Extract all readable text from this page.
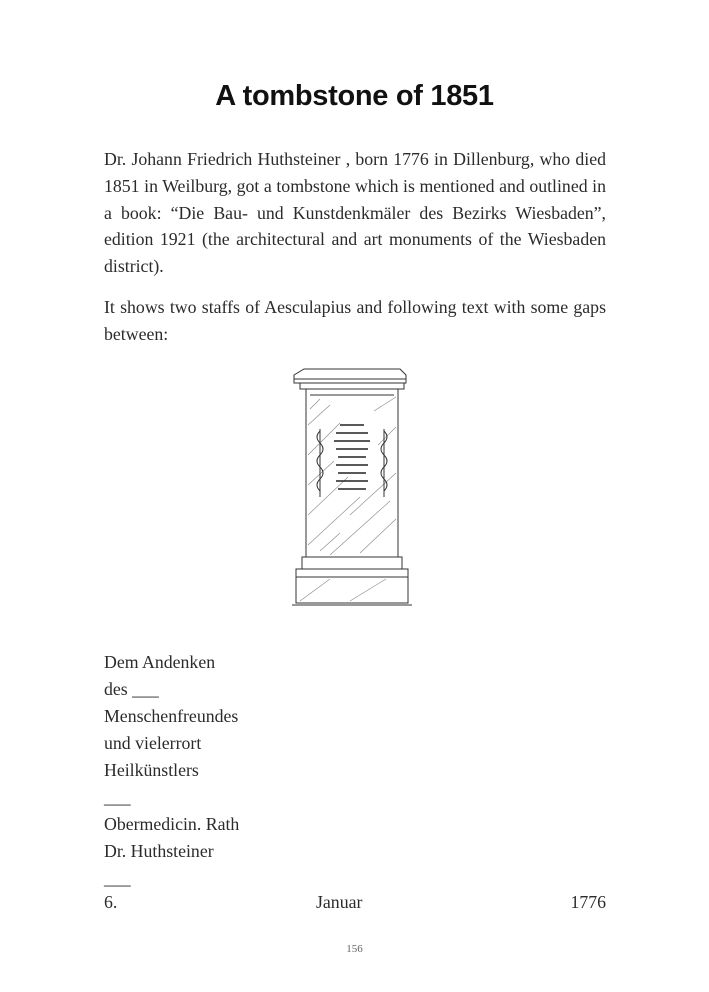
A tombstone of 1851

Dr. Johann Friedrich Huthsteiner , born 1776 in Dillenburg, who died 1851 in Weilburg, got a tombstone which is mentioned and outlined in a book: “Die Bau- und Kunstdenkmäler des Bezirks Wiesbaden”, edition 1921 (the architectural and art monuments of the Wiesbaden district).

It shows two staffs of Aesculapius and following text with some gaps between:

Dem Andenken
des ___
Menschenfreundes
und vielerrort
Heilkünstlers
___
Obermedicin. Rath
Dr. Huthsteiner
___
6.	Januar	1776
156
